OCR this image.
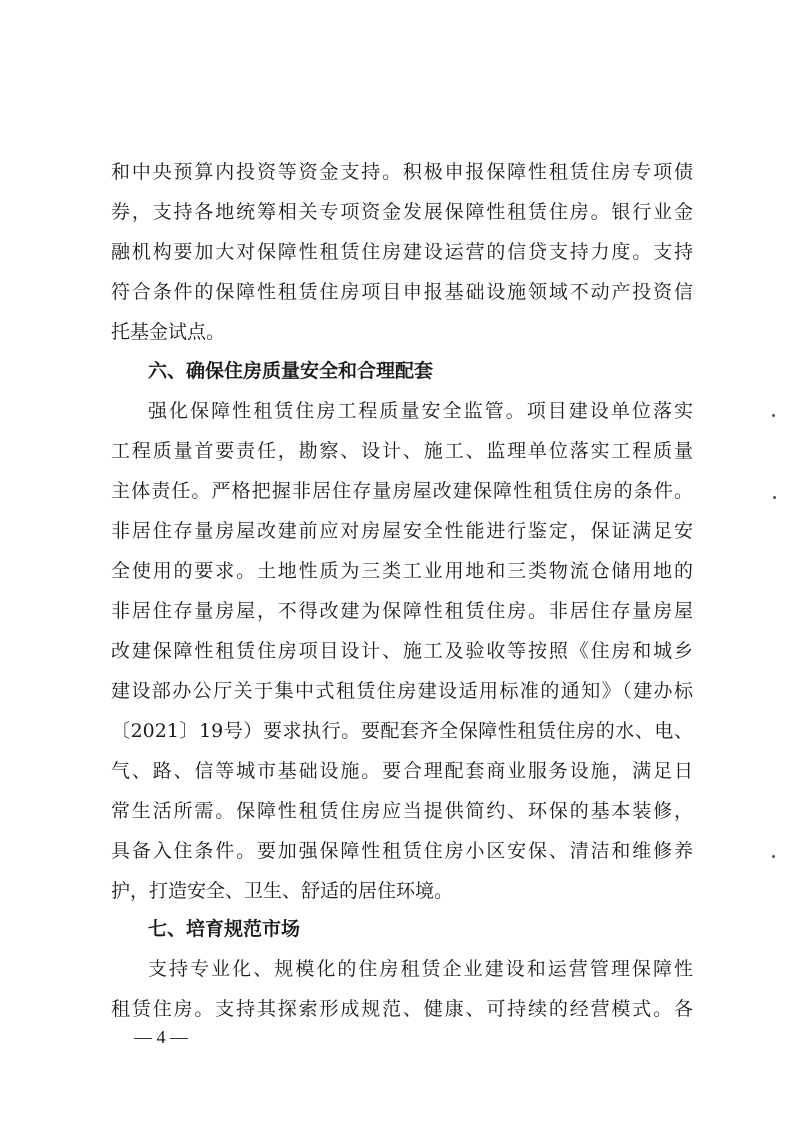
和中央预算内投资等资金支持。积极申报保障性租赁住房专项债
券，支持各地统筹相关专项资金发展保障性租赁住房。银行业金
融机构要加大对保障性租赁住房建设运营的信贷支持力度。支持
符合条件的保障性租赁住房项目申报基础设施领域不动产投资信
托基金试点。
六、确保住房质量安全和合理配套
强化保障性租赁住房工程质量安全监管。项目建设单位落实
工程质量首要责任，勘察、设计、施工、监理单位落实工程质量
主体责任。严格把握非居住存量房屋改建保障性租赁住房的条件。
非居住存量房屋改建前应对房屋安全性能进行鉴定，保证满足安
全使用的要求。土地性质为三类工业用地和三类物流仓储用地的
非居住存量房屋，不得改建为保障性租赁住房。非居住存量房屋
改建保障性租赁住房项目设计、施工及验收等按照《住房和城乡
建设部办公厅关于集中式租赁住房建设适用标准的通知》（建办标
〔2021〕19号）要求执行。要配套齐全保障性租赁住房的水、电、
气、路、信等城市基础设施。要合理配套商业服务设施，满足日
常生活所需。保障性租赁住房应当提供简约、环保的基本装修，
具备入住条件。要加强保障性租赁住房小区安保、清洁和维修养
护，打造安全、卫生、舒适的居住环境。
七、培育规范市场
支持专业化、规模化的住房租赁企业建设和运营管理保障性
租赁住房。支持其探索形成规范、健康、可持续的经营模式。各
— 4 —
